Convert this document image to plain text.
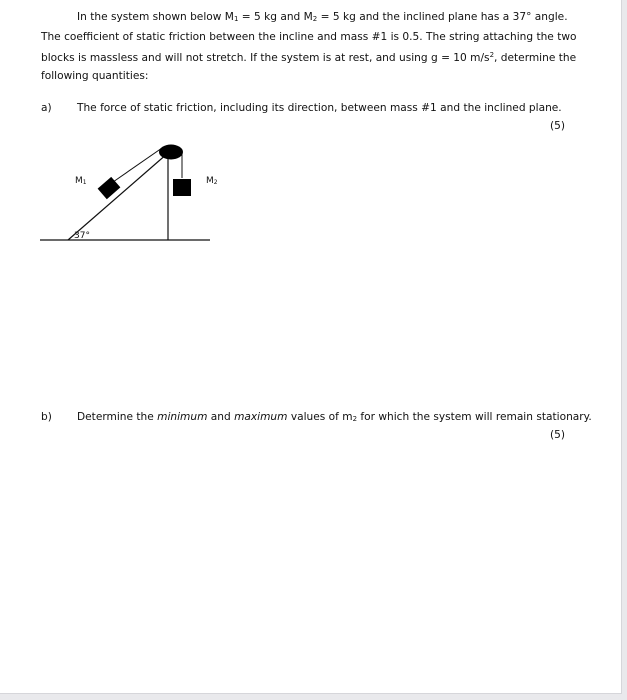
In the system shown below $M_1 = 5$ kg and $M_2 = 5$ kg and the inclined plane has a 37° angle. The coefficient of static friction between the incline and mass #1 is 0.5. The string attaching the two blocks is massless and will not stretch. If the system is at rest, and using g = 10 $m/s^2$, determine the following quantities:

a) The force of static friction, including its direction, between mass #1 and the inclined plane.
(5)
M1	M2
37°
b) Determine the minimum and maximum values of $m_2$ for which the system will remain stationary.
(5)
